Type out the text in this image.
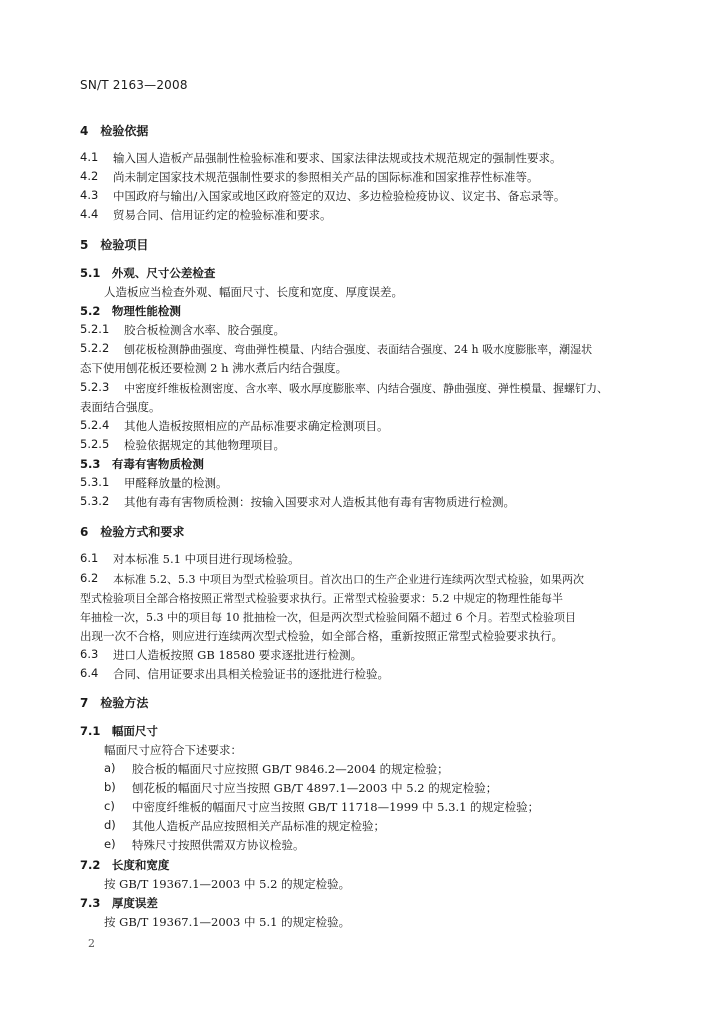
SN/T 2163—2008
4　检验依据
4.1 输入国人造板产品强制性检验标准和要求、国家法律法规或技术规范规定的强制性要求。
4.2 尚未制定国家技术规范强制性要求的参照相关产品的国际标准和国家推荐性标准等。
4.3 中国政府与输出/入国家或地区政府签定的双边、多边检验检疫协议、议定书、备忘录等。
4.4 贸易合同、信用证约定的检验标准和要求。
5　检验项目
5.1　外观、尺寸公差检查
人造板应当检查外观、幅面尺寸、长度和宽度、厚度误差。
5.2　物理性能检测
5.2.1 胶合板检测含水率、胶合强度。
5.2.2 刨花板检测静曲强度、弯曲弹性模量、内结合强度、表面结合强度、24 h 吸水度膨胀率，潮湿状
态下使用刨花板还要检测 2 h 沸水煮后内结合强度。
5.2.3 中密度纤维板检测密度、含水率、吸水厚度膨胀率、内结合强度、静曲强度、弹性模量、握螺钉力、
表面结合强度。
5.2.4 其他人造板按照相应的产品标准要求确定检测项目。
5.2.5 检验依据规定的其他物理项目。
5.3　有毒有害物质检测
5.3.1 甲醛释放量的检测。
5.3.2 其他有毒有害物质检测：按输入国要求对人造板其他有毒有害物质进行检测。
6　检验方式和要求
6.1 对本标准 5.1 中项目进行现场检验。
6.2 本标准 5.2、5.3 中项目为型式检验项目。首次出口的生产企业进行连续两次型式检验，如果两次
型式检验项目全部合格按照正常型式检验要求执行。正常型式检验要求：5.2 中规定的物理性能每半
年抽检一次，5.3 中的项目每 10 批抽检一次，但是两次型式检验间隔不超过 6 个月。若型式检验项目
出现一次不合格，则应进行连续两次型式检验，如全部合格，重新按照正常型式检验要求执行。
6.3 进口人造板按照 GB 18580 要求逐批进行检测。
6.4 合同、信用证要求出具相关检验证书的逐批进行检验。
7　检验方法
7.1　幅面尺寸
幅面尺寸应符合下述要求：
a) 胶合板的幅面尺寸应按照 GB/T 9846.2—2004 的规定检验；
b) 刨花板的幅面尺寸应当按照 GB/T 4897.1—2003 中 5.2 的规定检验；
c) 中密度纤维板的幅面尺寸应当按照 GB/T 11718—1999 中 5.3.1 的规定检验；
d) 其他人造板产品应按照相关产品标准的规定检验；
e) 特殊尺寸按照供需双方协议检验。
7.2　长度和宽度
按 GB/T 19367.1—2003 中 5.2 的规定检验。
7.3　厚度误差
按 GB/T 19367.1—2003 中 5.1 的规定检验。
2
